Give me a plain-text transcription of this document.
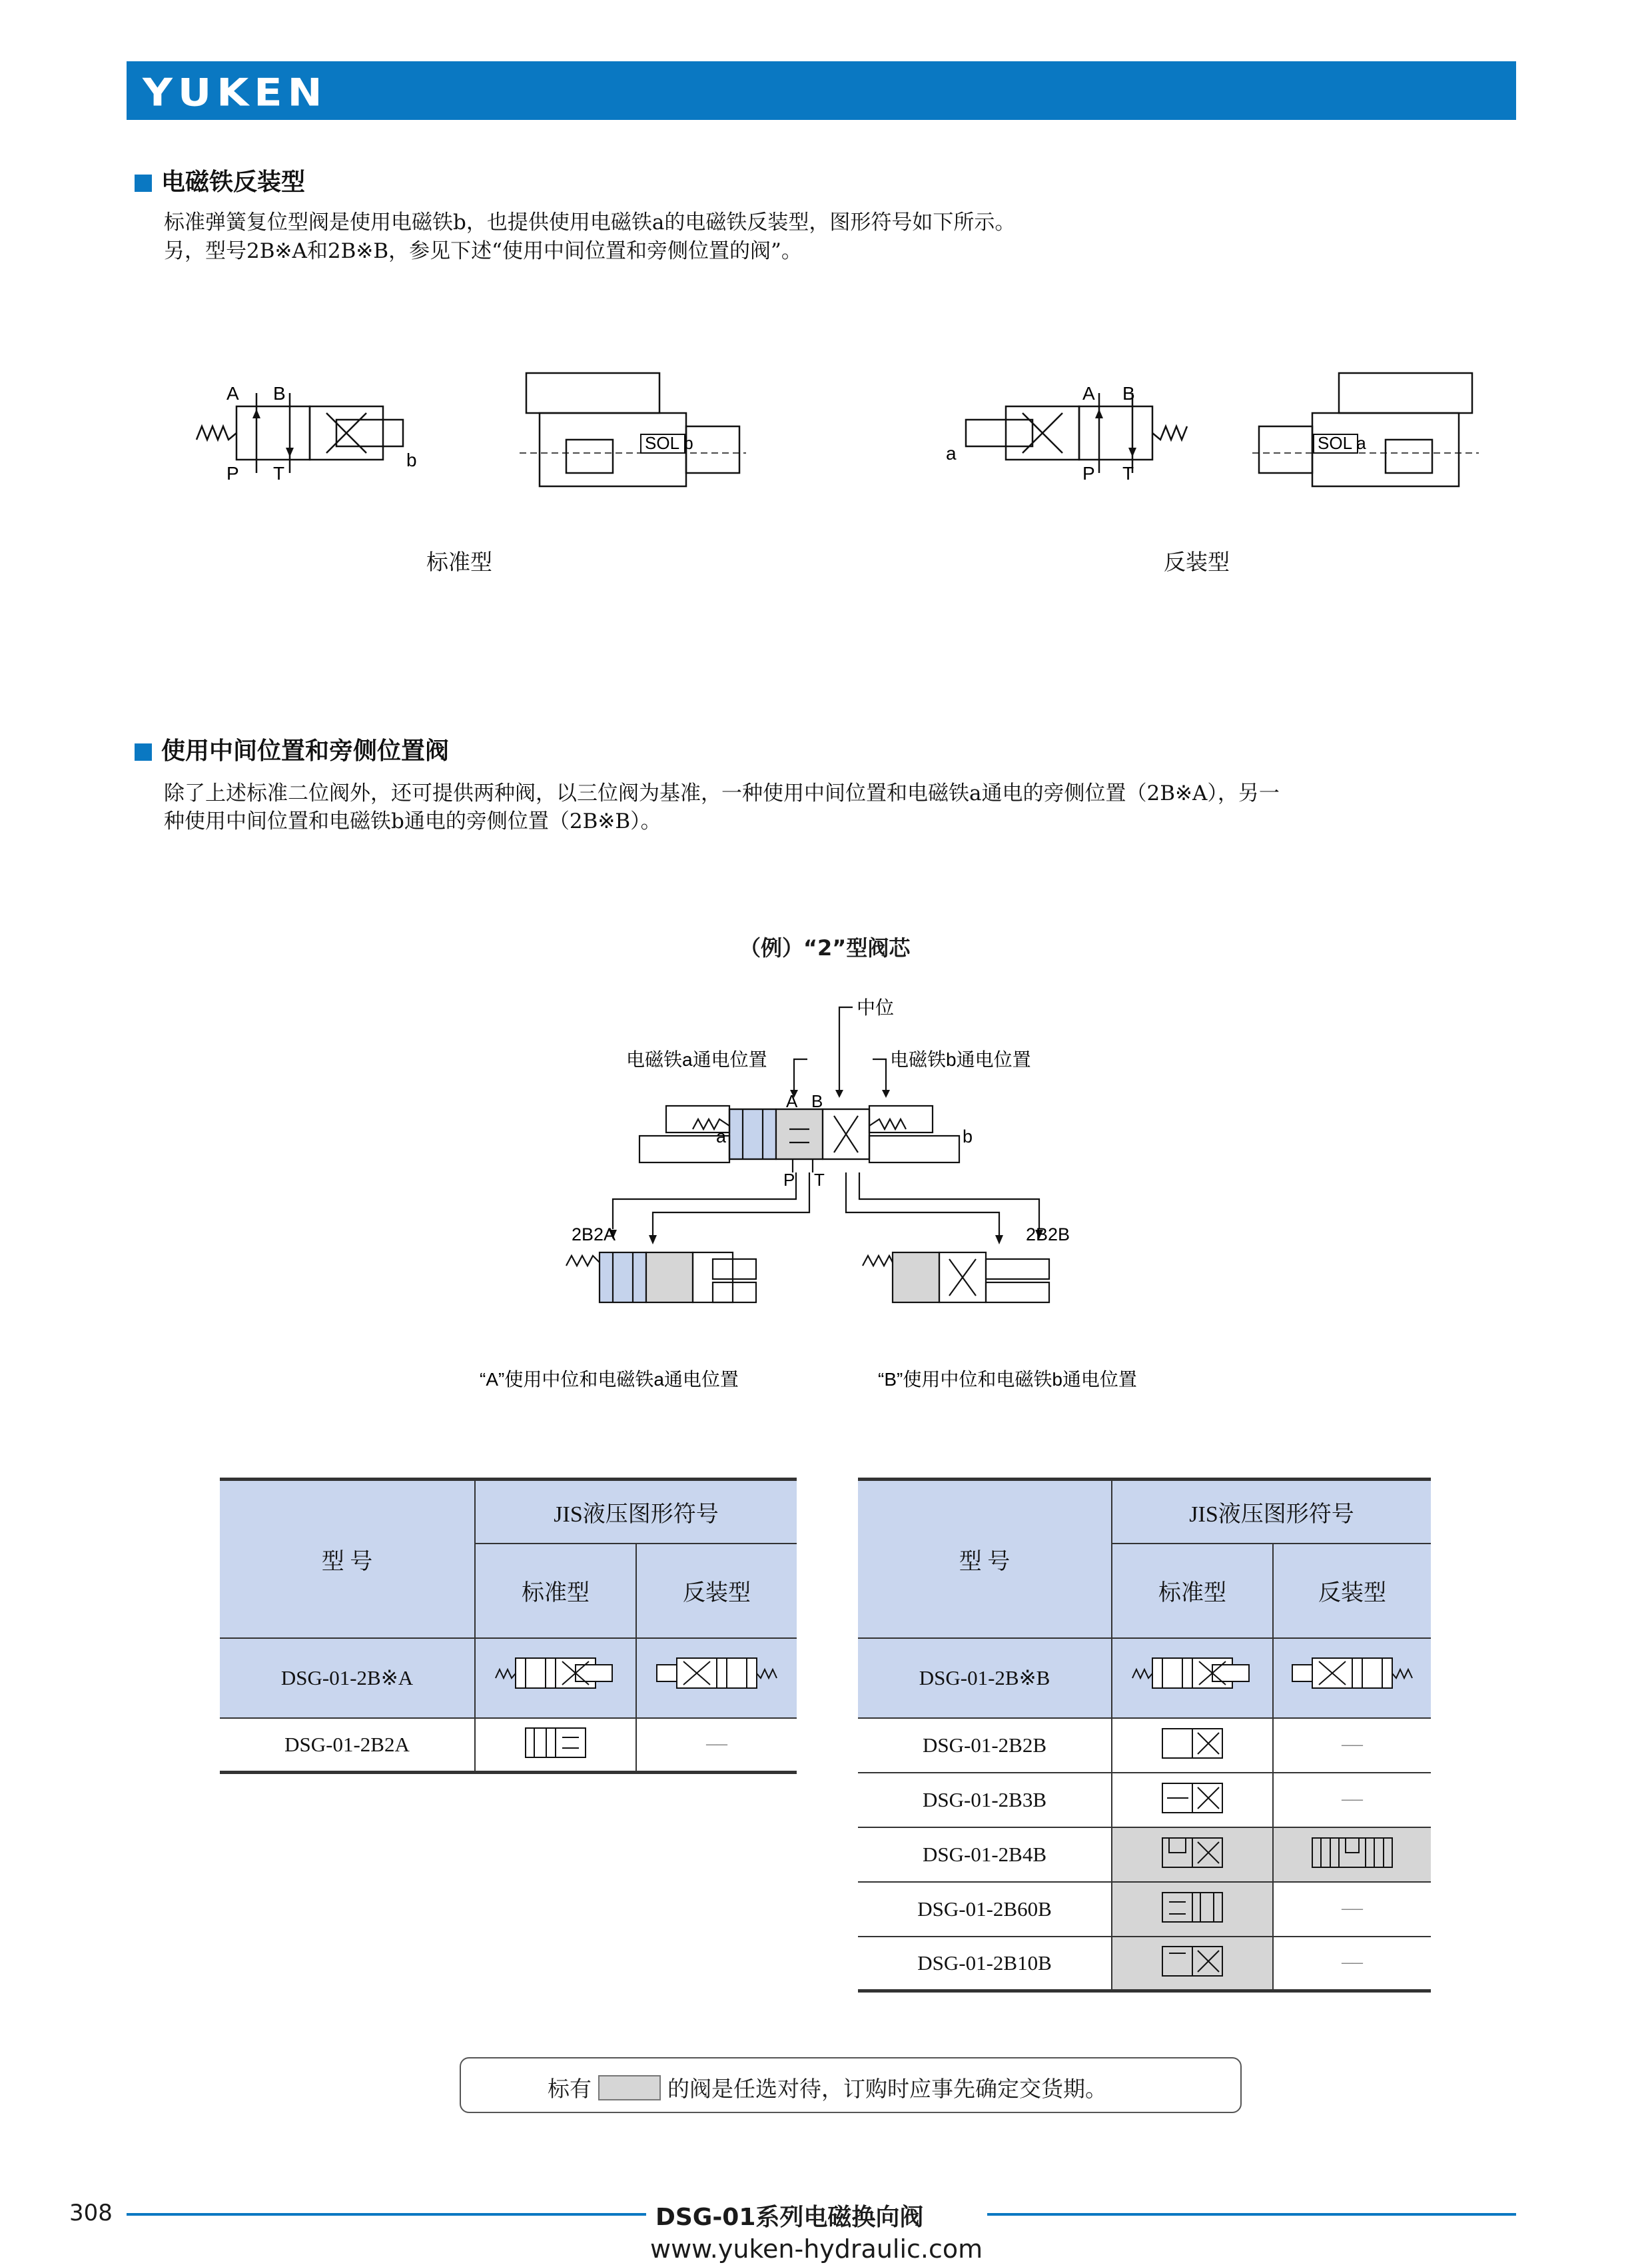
YUKEN
电磁铁反装型
标准弹簧复位型阀是使用电磁铁b，也提供使用电磁铁a的电磁铁反装型，图形符号如下所示。
另，型号2B※A和2B※B，参见下述“使用中间位置和旁侧位置的阀”。
A B
P T
b
SOL b
A B
P T
a	SOL a
标准型	反装型
使用中间位置和旁侧位置阀
除了上述标准二位阀外，还可提供两种阀，以三位阀为基准，一种使用中间位置和电磁铁a通电的旁侧位置（2B※A），另一
种使用中间位置和电磁铁b通电的旁侧位置（2B※B）。
（例）“2”型阀芯
中位
电磁铁a通电位置	电磁铁b通电位置
2B2A	2B2B
a	b
A B
P T
“A”使用中位和电磁铁a通电位置	“B”使用中位和电磁铁b通电位置
型 号	JIS液压图形符号	
	标准型	反装型
DSG-01-2B※A		
DSG-01-2B2A		——
型 号	JIS液压图形符号	
	标准型	反装型
DSG-01-2B※B		
DSG-01-2B2B		——
DSG-01-2B3B		——
DSG-01-2B4B		
DSG-01-2B60B		——
DSG-01-2B10B		——
标有	的阀是任选对待，订购时应事先确定交货期。
308	DSG-01系列电磁换向阀
www.yuken-hydraulic.com
